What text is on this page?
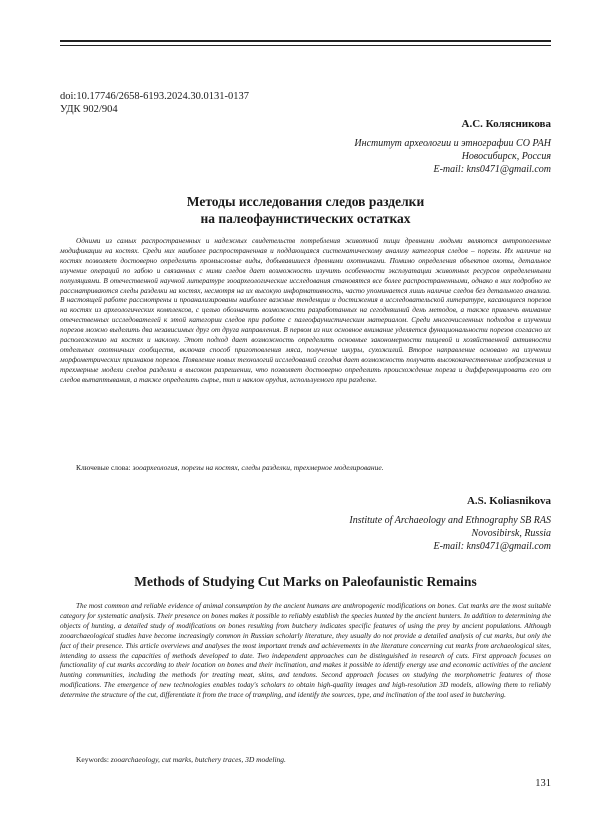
doi:10.17746/2658-6193.2024.30.0131-0137
УДК 902/904
А.С. Колясникова
Институт археологии и этнографии СО РАН
Новосибирск, Россия
E-mail: kns0471@gmail.com
Методы исследования следов разделки
на палеофаунистических остатках

Одними из самых распространенных и надежных свидетельств потребления животной пищи древними людьми являются антропогенные модификации на костях. Среди них наиболее распространенная и поддающаяся систематическому анализу категория следов – порезы. Их наличие на костях позволяет достоверно определить промысловые виды, добывавшиеся древними охотниками. Помимо определения объектов охоты, детальное изучение операций по забою и связанных с ними следов дает возможность изучить особенности эксплуатации животных ресурсов определенными популяциями. В отечественной научной литературе зооархеологические исследования становятся все более распространенными, однако в них подробно не рассматриваются следы разделки на костях, несмотря на их высокую информативность, часто упоминается лишь наличие следов без детального анализа. В настоящей работе рассмотрены и проанализированы наиболее важные тенденции и достижения в исследовательской литературе, касающиеся порезов на костях из археологических комплексов, с целью обозначить возможности разработанных на сегодняшний день методов, а также привлечь внимание отечественных исследователей к этой категории следов при работе с палеофаунистическим материалом. Среди многочисленных подходов в изучении порезов можно выделить два независимых друг от друга направления. В первом из них основное внимание уделяется функциональности порезов согласно их расположению на костях и наклону. Этот подход дает возможность определить основные закономерности пищевой и хозяйственной активности отдельных охотничьих сообществ, включая способ приготовления мяса, получение шкуры, сухожилий. Второе направление основано на изучении морфометрических признаков порезов. Появление новых технологий исследований сегодня дает возможность получать высококачественные изображения и трехмерные модели следов разделки в высоком разрешении, что позволяет достоверно определить происхождение пореза и дифференцировать его от следов вытаптывания, а также определить сырье, тип и наклон орудия, используемого при разделке.

Ключевые слова: зооархеология, порезы на костях, следы разделки, трехмерное моделирование.
A.S. Koliasnikova
Institute of Archaeology and Ethnography SB RAS
Novosibirsk, Russia
E-mail: kns0471@gmail.com
Methods of Studying Cut Marks on Paleofaunistic Remains

The most common and reliable evidence of animal consumption by the ancient humans are anthropogenic modifications on bones. Cut marks are the most suitable category for systematic analysis. Their presence on bones makes it possible to reliably establish the species hunted by the ancient hunters. In addition to determining the objects of hunting, a detailed study of modifications on bones resulting from butchery indicates specific features of using the prey by ancient populations. Although zooarchaeological studies have become increasingly common in Russian scholarly literature, they usually do not provide a detailed analysis of cut marks, but only the fact of their presence. This article overviews and analyses the most important trends and achievements in the literature concerning cut marks from archaeological sites, intending to assess the capacities of methods developed to date. Two independent approaches can be distinguished in research of cuts. First approach focuses on functionality of cut marks according to their location on bones and their inclination, and makes it possible to identify energy use and economic activities of the ancient hunting communities, including the methods for treating meat, skins, and tendons. Second approach focuses on studying the morphometric features of those modifications. The emergence of new technologies enables today's scholars to obtain high-quality images and high-resolution 3D models, allowing them to reliably determine the structure of the cut, differentiate it from the trace of trampling, and identify the sources, type, and inclination of the tool used in butchering.

Keywords: zooarchaeology, cut marks, butchery traces, 3D modeling.
131
